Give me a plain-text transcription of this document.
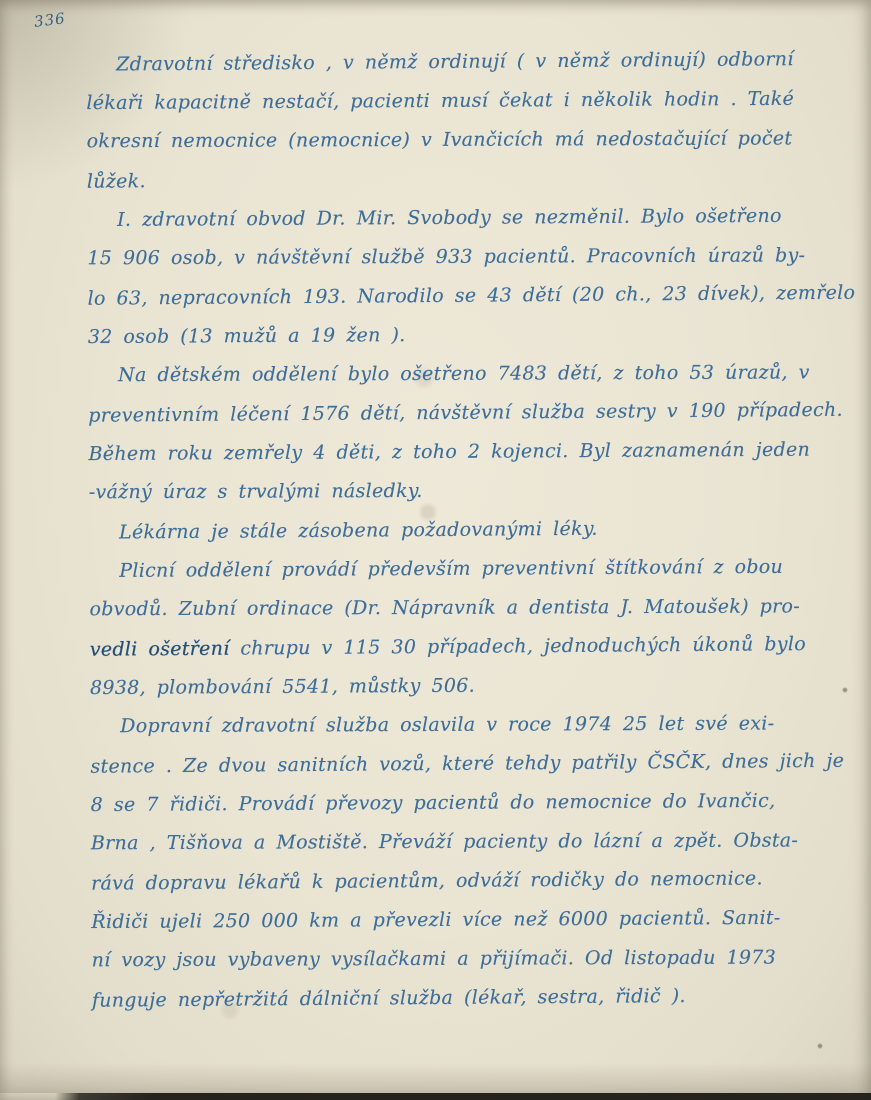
336
Zdravotní středisko , v němž ordinují ( v němž ordinují) odborní
lékaři kapacitně nestačí, pacienti musí čekat i několik hodin . Také
okresní nemocnice (nemocnice) v Ivančicích má nedostačující počet
lůžek.
I. zdravotní obvod Dr. Mir. Svobody se nezměnil. Bylo ošetřeno
15 906 osob, v návštěvní službě 933 pacientů. Pracovních úrazů by-
lo 63, nepracovních 193. Narodilo se 43 dětí (20 ch., 23 dívek), zemřelo
32 osob (13 mužů a 19 žen ).
Na dětském oddělení bylo ošetřeno 7483 dětí, z toho 53 úrazů, v
preventivním léčení 1576 dětí, návštěvní služba sestry v 190 případech.
Během roku zemřely 4 děti, z toho 2 kojenci. Byl zaznamenán jeden
-vážný úraz s trvalými následky.
Lékárna je stále zásobena požadovanými léky.
Plicní oddělení provádí především preventivní štítkování z obou
obvodů. Zubní ordinace (Dr. Nápravník a dentista J. Matoušek) pro-
vedli ošetření chrupu v 115 30 případech, jednoduchých úkonů bylo
8938, plombování 5541, můstky 506.
Dopravní zdravotní služba oslavila v roce 1974 25 let své exi-
stence . Ze dvou sanitních vozů, které tehdy patřily ČSČK, dnes jich je
8 se 7 řidiči. Provádí převozy pacientů do nemocnice do Ivančic,
Brna , Tišňova a Mostiště. Převáží pacienty do lázní a zpět. Obsta-
rává dopravu lékařů k pacientům, odváží rodičky do nemocnice.
Řidiči ujeli 250 000 km a převezli více než 6000 pacientů. Sanit-
ní vozy jsou vybaveny vysílačkami a přijímači. Od listopadu 1973
funguje nepřetržitá dálniční služba (lékař, sestra, řidič ).
